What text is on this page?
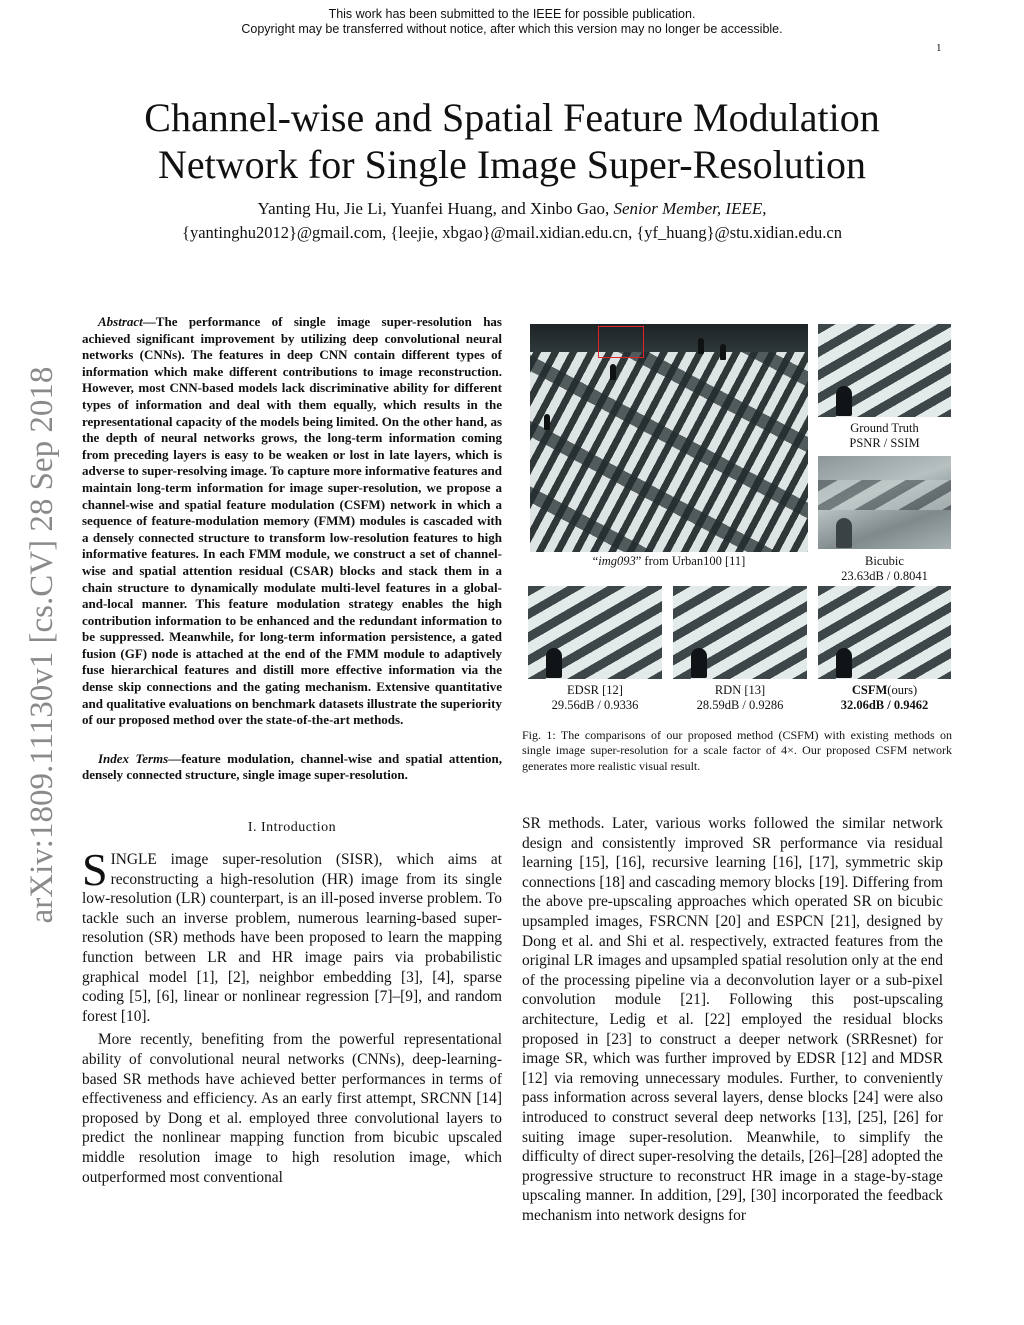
This work has been submitted to the IEEE for possible publication.
Copyright may be transferred without notice, after which this version may no longer be accessible.
1
arXiv:1809.11130v1 [cs.CV] 28 Sep 2018
Channel-wise and Spatial Feature Modulation
Network for Single Image Super-Resolution
Yanting Hu, Jie Li, Yuanfei Huang, and Xinbo Gao, Senior Member, IEEE,
{yantinghu2012}@gmail.com, {leejie, xbgao}@mail.xidian.edu.cn, {yf_huang}@stu.xidian.edu.cn

Abstract—The performance of single image super-resolution has achieved significant improvement by utilizing deep convolutional neural networks (CNNs). The features in deep CNN contain different types of information which make different contributions to image reconstruction. However, most CNN-based models lack discriminative ability for different types of information and deal with them equally, which results in the representational capacity of the models being limited. On the other hand, as the depth of neural networks grows, the long-term information coming from preceding layers is easy to be weaken or lost in late layers, which is adverse to super-resolving image. To capture more informative features and maintain long-term information for image super-resolution, we propose a channel-wise and spatial feature modulation (CSFM) network in which a sequence of feature-modulation memory (FMM) modules is cascaded with a densely connected structure to transform low-resolution features to high informative features. In each FMM module, we construct a set of channel-wise and spatial attention residual (CSAR) blocks and stack them in a chain structure to dynamically modulate multi-level features in a global-and-local manner. This feature modulation strategy enables the high contribution information to be enhanced and the redundant information to be suppressed. Meanwhile, for long-term information persistence, a gated fusion (GF) node is attached at the end of the FMM module to adaptively fuse hierarchical features and distill more effective information via the dense skip connections and the gating mechanism. Extensive quantitative and qualitative evaluations on benchmark datasets illustrate the superiority of our proposed method over the state-of-the-art methods.

Index Terms—feature modulation, channel-wise and spatial attention, densely connected structure, single image super-resolution.

I. Introduction

SINGLE image super-resolution (SISR), which aims at reconstructing a high-resolution (HR) image from its single low-resolution (LR) counterpart, is an ill-posed inverse problem. To tackle such an inverse problem, numerous learning-based super-resolution (SR) methods have been proposed to learn the mapping function between LR and HR image pairs via probabilistic graphical model [1], [2], neighbor embedding [3], [4], sparse coding [5], [6], linear or nonlinear regression [7]–[9], and random forest [10].

More recently, benefiting from the powerful representational ability of convolutional neural networks (CNNs), deep-learning-based SR methods have achieved better performances in terms of effectiveness and efficiency. As an early first attempt, SRCNN [14] proposed by Dong et al. employed three convolutional layers to predict the nonlinear mapping function from bicubic upscaled middle resolution image to high resolution image, which outperformed most conventional

“img093” from Urban100 [11]
Ground Truth
PSNR / SSIM
Bicubic
23.63dB / 0.8041
EDSR [12]
29.56dB / 0.9336
RDN [13]
28.59dB / 0.9286
CSFM(ours)
32.06dB / 0.9462
Fig. 1: The comparisons of our proposed method (CSFM) with existing methods on single image super-resolution for a scale factor of 4×. Our proposed CSFM network generates more realistic visual result.

SR methods. Later, various works followed the similar network design and consistently improved SR performance via residual learning [15], [16], recursive learning [16], [17], symmetric skip connections [18] and cascading memory blocks [19]. Differing from the above pre-upscaling approaches which operated SR on bicubic upsampled images, FSRCNN [20] and ESPCN [21], designed by Dong et al. and Shi et al. respectively, extracted features from the original LR images and upsampled spatial resolution only at the end of the processing pipeline via a deconvolution layer or a sub-pixel convolution module [21]. Following this post-upscaling architecture, Ledig et al. [22] employed the residual blocks proposed in [23] to construct a deeper network (SRResnet) for image SR, which was further improved by EDSR [12] and MDSR [12] via removing unnecessary modules. Further, to conveniently pass information across several layers, dense blocks [24] were also introduced to construct several deep networks [13], [25], [26] for suiting image super-resolution. Meanwhile, to simplify the difficulty of direct super-resolving the details, [26]–[28] adopted the progressive structure to reconstruct HR image in a stage-by-stage upscaling manner. In addition, [29], [30] incorporated the feedback mechanism into network designs for
